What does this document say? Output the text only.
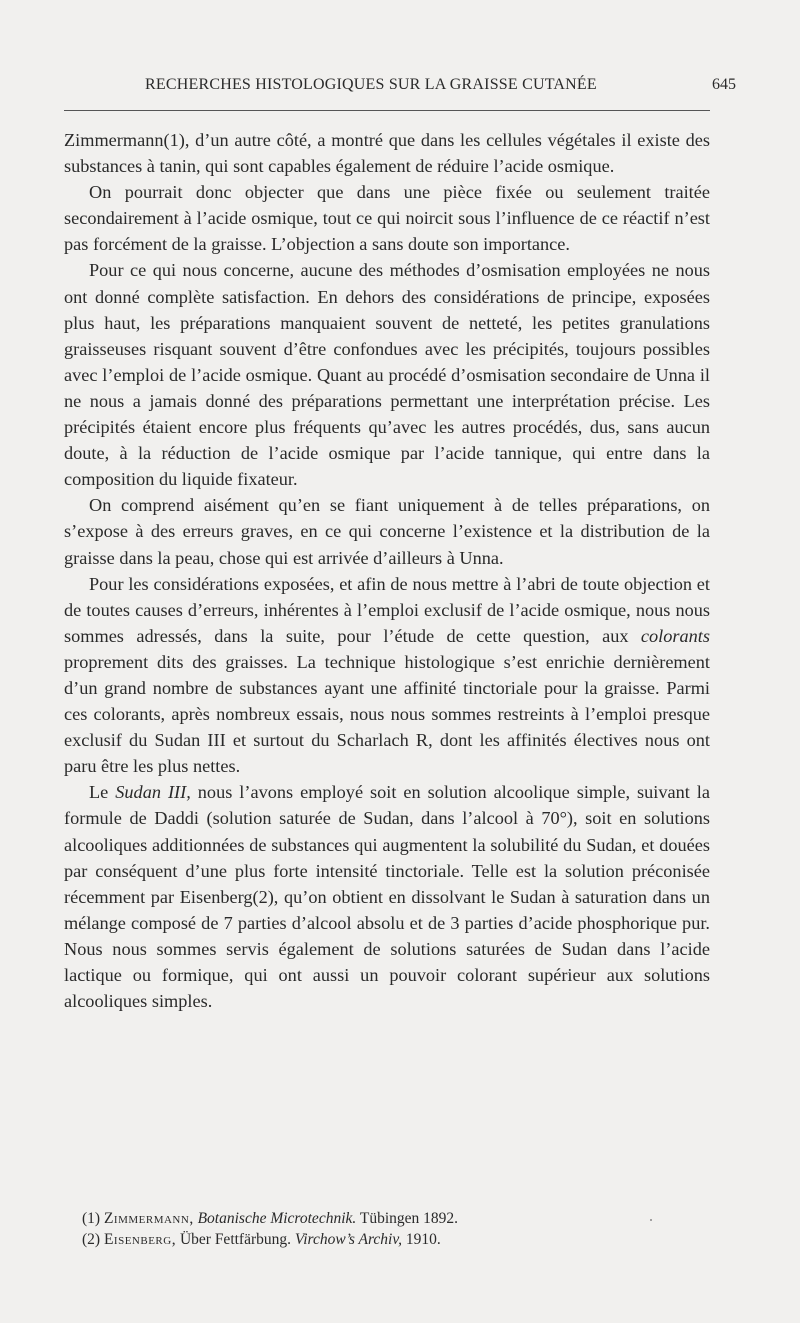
RECHERCHES HISTOLOGIQUES SUR LA GRAISSE CUTANÉE	645

Zimmermann(1), d’un autre côté, a montré que dans les cellules végétales il existe des substances à tanin, qui sont capables également de réduire l’acide osmique.

On pourrait donc objecter que dans une pièce fixée ou seulement traitée secondairement à l’acide osmique, tout ce qui noircit sous l’influence de ce réactif n’est pas forcément de la graisse. L’objection a sans doute son importance.

Pour ce qui nous concerne, aucune des méthodes d’osmisation employées ne nous ont donné complète satisfaction. En dehors des considérations de principe, exposées plus haut, les préparations manquaient souvent de netteté, les petites granulations graisseuses risquant souvent d’être confondues avec les précipités, toujours possibles avec l’emploi de l’acide osmique. Quant au procédé d’osmisation secondaire de Unna il ne nous a jamais donné des préparations permettant une interprétation précise. Les précipités étaient encore plus fréquents qu’avec les autres procédés, dus, sans aucun doute, à la réduction de l’acide osmique par l’acide tannique, qui entre dans la composition du liquide fixateur.

On comprend aisément qu’en se fiant uniquement à de telles préparations, on s’expose à des erreurs graves, en ce qui concerne l’existence et la distribution de la graisse dans la peau, chose qui est arrivée d’ailleurs à Unna.

Pour les considérations exposées, et afin de nous mettre à l’abri de toute objection et de toutes causes d’erreurs, inhérentes à l’emploi exclusif de l’acide osmique, nous nous sommes adressés, dans la suite, pour l’étude de cette question, aux colorants proprement dits des graisses. La technique histologique s’est enrichie dernièrement d’un grand nombre de substances ayant une affinité tinctoriale pour la graisse. Parmi ces colorants, après nombreux essais, nous nous sommes restreints à l’emploi presque exclusif du Sudan III et surtout du Scharlach R, dont les affinités électives nous ont paru être les plus nettes.

Le Sudan III, nous l’avons employé soit en solution alcoolique simple, suivant la formule de Daddi (solution saturée de Sudan, dans l’alcool à 70°), soit en solutions alcooliques additionnées de substances qui augmentent la solubilité du Sudan, et douées par conséquent d’une plus forte intensité tinctoriale. Telle est la solution préconisée récemment par Eisenberg(2), qu’on obtient en dissolvant le Sudan à saturation dans un mélange composé de 7 parties d’alcool absolu et de 3 parties d’acide phosphorique pur. Nous nous sommes servis également de solutions saturées de Sudan dans l’acide lactique ou formique, qui ont aussi un pouvoir colorant supérieur aux solutions alcooliques simples.

(1) Zimmermann, Botanische Microtechnik. Tübingen 1892.

(2) Eisenberg, Über Fettfärbung. Virchow’s Archiv, 1910.
